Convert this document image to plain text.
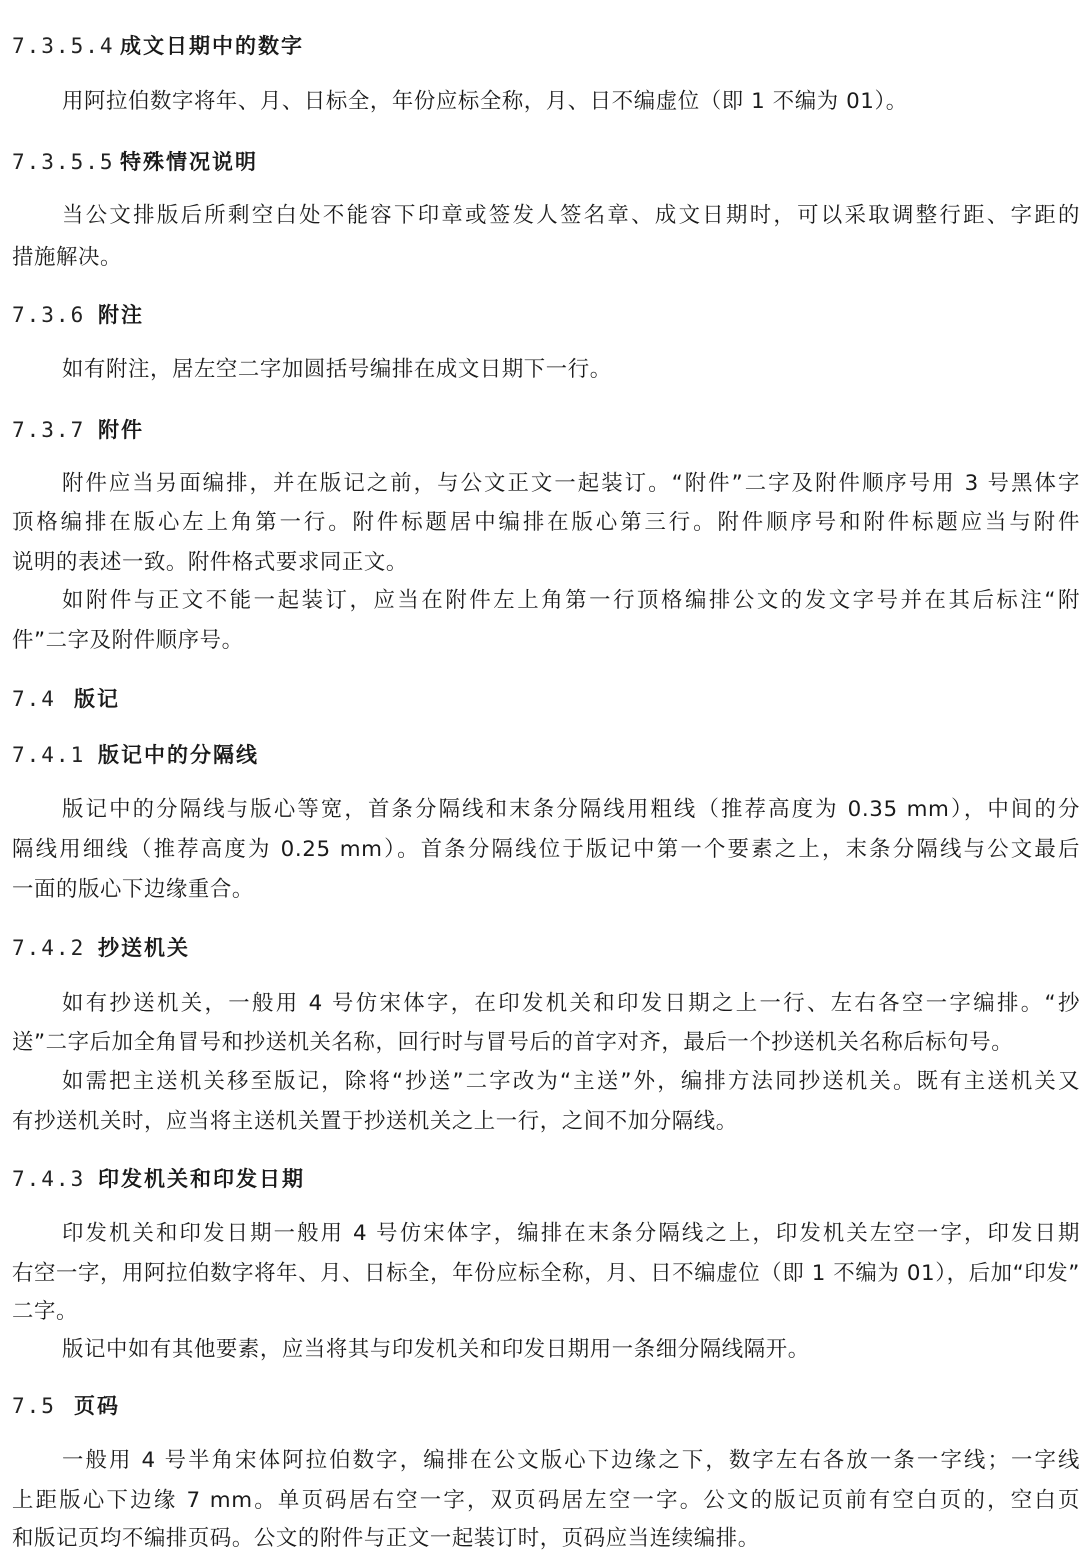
7.3.5.4 成文日期中的数字
用阿拉伯数字将年、月、日标全，年份应标全称，月、日不编虚位（即 1 不编为 01）。
7.3.5.5 特殊情况说明
当公文排版后所剩空白处不能容下印章或签发人签名章、成文日期时，可以采取调整行距、字距的
措施解决。
7.3.6 附注
如有附注，居左空二字加圆括号编排在成文日期下一行。
7.3.7 附件
附件应当另面编排，并在版记之前，与公文正文一起装订。“附件”二字及附件顺序号用 3 号黑体字
顶格编排在版心左上角第一行。附件标题居中编排在版心第三行。附件顺序号和附件标题应当与附件
说明的表述一致。附件格式要求同正文。
如附件与正文不能一起装订，应当在附件左上角第一行顶格编排公文的发文字号并在其后标注“附
件”二字及附件顺序号。
7.4 版记
7.4.1 版记中的分隔线
版记中的分隔线与版心等宽，首条分隔线和末条分隔线用粗线（推荐高度为 0.35 mm），中间的分
隔线用细线（推荐高度为 0.25 mm）。首条分隔线位于版记中第一个要素之上，末条分隔线与公文最后
一面的版心下边缘重合。
7.4.2 抄送机关
如有抄送机关，一般用 4 号仿宋体字，在印发机关和印发日期之上一行、左右各空一字编排。“抄
送”二字后加全角冒号和抄送机关名称，回行时与冒号后的首字对齐，最后一个抄送机关名称后标句号。
如需把主送机关移至版记，除将“抄送”二字改为“主送”外，编排方法同抄送机关。既有主送机关又
有抄送机关时，应当将主送机关置于抄送机关之上一行，之间不加分隔线。
7.4.3 印发机关和印发日期
印发机关和印发日期一般用 4 号仿宋体字，编排在末条分隔线之上，印发机关左空一字，印发日期
右空一字，用阿拉伯数字将年、月、日标全，年份应标全称，月、日不编虚位（即 1 不编为 01），后加“印发”
二字。
版记中如有其他要素，应当将其与印发机关和印发日期用一条细分隔线隔开。
7.5 页码
一般用 4 号半角宋体阿拉伯数字，编排在公文版心下边缘之下，数字左右各放一条一字线；一字线
上距版心下边缘 7 mm。单页码居右空一字，双页码居左空一字。公文的版记页前有空白页的，空白页
和版记页均不编排页码。公文的附件与正文一起装订时，页码应当连续编排。
